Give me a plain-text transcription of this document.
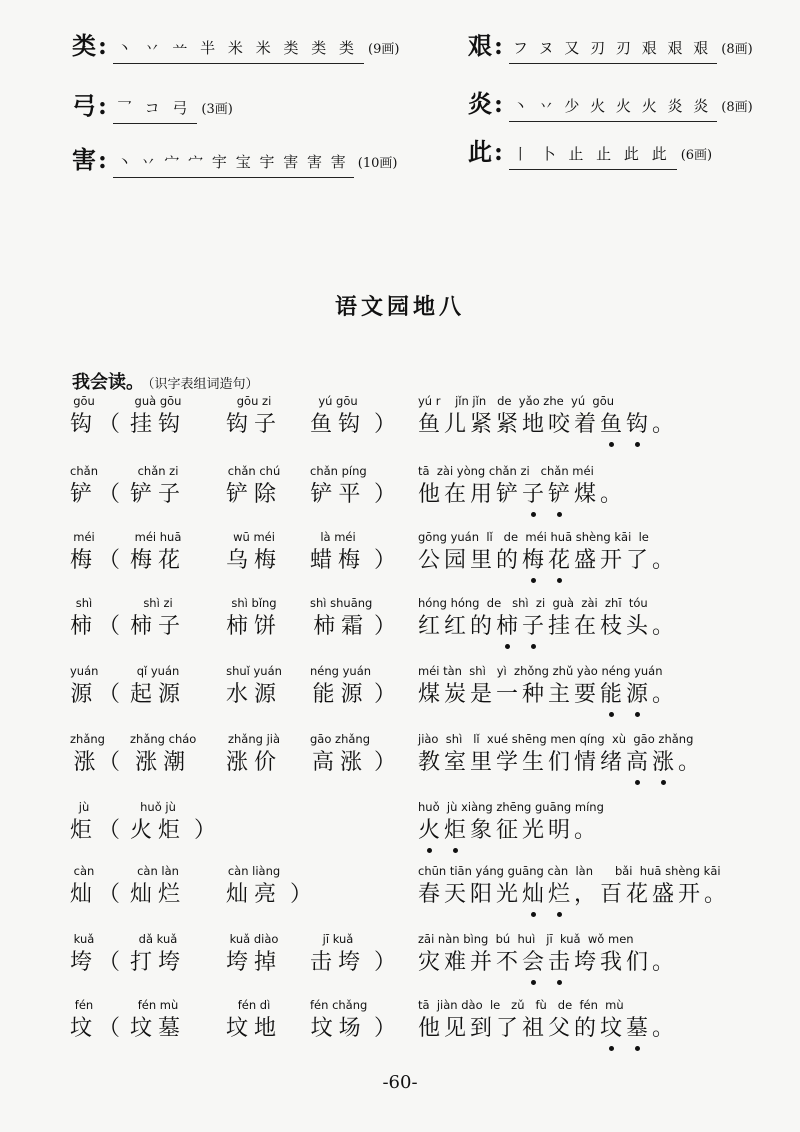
类 : 丶 丷 䒑 半 米 米 类 类 类 (9画)
弓 : 乛 コ 弓 (3画)
害 : 丶 丷 宀 宀 宇 宝 宇 害 害 害 (10画)
艰 : フ ヌ 又 刃 刃 艰 艰 艰 (8画)
炎 : 丶 丷 少 火 火 火 炎 炎 (8画)
此 : 丨 卜 止 止 此 此 (6画)
语文园地八
我会读。 （识字表组词造句）
gōu
钩 （
guà gōu
挂钩
gōu zi
钩子
yú gōu
鱼钩 ）
yú r    jǐn jǐn   de  yǎo zhe  yú  gōu
鱼儿紧紧地咬着鱼钩。
chǎn
铲 （
chǎn zi
铲子
chǎn chú
铲除
chǎn píng
铲平 ）
tā  zài yòng chǎn zi   chǎn méi
他在用铲子铲煤。
méi
梅 （
méi huā
梅花
wū méi
乌梅
là méi
蜡梅 ）
gōng yuán  lǐ   de  méi huā shèng kāi  le
公园里的梅花盛开了。
shì
柿 （
shì zi
柿子
shì bǐng
柿饼
shì shuāng
柿霜 ）
hóng hóng  de   shì  zi  guà  zài  zhī  tóu
红红的柿子挂在枝头。
yuán
源 （
qǐ yuán
起源
shuǐ yuán
水源
néng yuán
能源 ）
méi tàn  shì   yì  zhǒng zhǔ yào néng yuán
煤炭是一种主要能源。
zhǎng
涨
（
zhǎng cháo
涨潮
zhǎng jià
涨价
gāo zhǎng
高涨 ）
jiào  shì   lǐ  xué shēng men qíng  xù  gāo zhǎng
教室里学生们情绪高涨。
jù
炬 （
huǒ jù
火炬 ）
huǒ  jù xiàng zhēng guāng míng
火炬象征光明。
càn
灿 （
càn làn
灿烂
càn liàng
灿亮 ）
chūn tiān yáng guāng càn  làn      bǎi  huā shèng kāi
春天阳光灿烂，百花盛开。
kuǎ
垮 （
dǎ kuǎ
打垮
kuǎ diào
垮掉
jī kuǎ
击垮 ）
zāi nàn bìng  bú  huì   jī  kuǎ  wǒ men
灾难并不会击垮我们。
fén
坟 （
fén mù
坟墓
fén dì
坟地
fén chǎng
坟场 ）
tā  jiàn dào  le   zǔ   fù   de  fén  mù
他见到了祖父的坟墓。
-60-
